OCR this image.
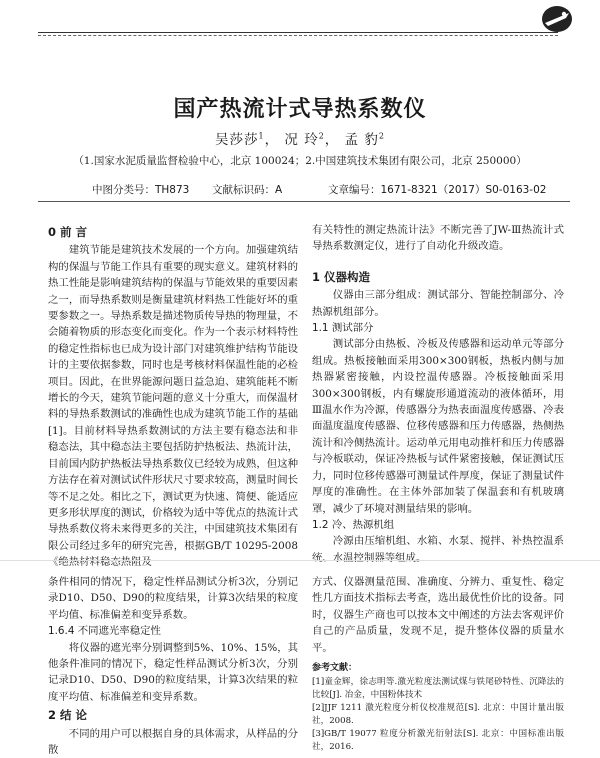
国产热流计式导热系数仪
吴莎莎$^1$， 况 玲$^2$， 孟 豹$^2$
（1.国家水泥质量监督检验中心，北京 100024；2.中国建筑技术集团有限公司，北京 250000）
中图分类号：TH873 文献标识码：A	文章编号：1671-8321（2017）S0-0163-02
0 前 言

建筑节能是建筑技术发展的一个方向。加强建筑结构的保温与节能工作具有重要的现实意义。建筑材料的热工性能是影响建筑结构的保温与节能效果的重要因素之一，而导热系数则是衡量建筑材料热工性能好坏的重要参数之一。导热系数是描述物质传导热的物理量，不会随着物质的形态变化而变化。作为一个表示材料特性的稳定性指标也已成为设计部门对建筑维护结构节能设计的主要依据参数，同时也是考核材料保温性能的必检项目。因此，在世界能源问题日益急迫、建筑能耗不断增长的今天，建筑节能问题的意义十分重大，而保温材料的导热系数测试的准确性也成为建筑节能工作的基础[1]。目前材料导热系数测试的方法主要有稳态法和非稳态法，其中稳态法主要包括防护热板法、热流计法，目前国内防护热板法导热系数仪已经较为成熟，但这种方法存在着对测试试件形状尺寸要求较高，测量时间长等不足之处。相比之下，测试更为快速、简便、能适应更多形状厚度的测试，价格较为适中等优点的热流计式导热系数仪将未来得更多的关注，中国建筑技术集团有限公司经过多年的研究完善，根据GB/T 10295-2008《绝热材料稳态热阻及

有关特性的测定热流计法》不断完善了JW-Ⅲ热流计式导热系数测定仪，进行了自动化升级改造。

1 仪器构造

仪器由三部分组成：测试部分、智能控制部分、冷热源机组部分。

1.1 测试部分

测试部分由热板、冷板及传感器和运动单元等部分组成。热板接触面采用300×300钢板，热板内侧与加热器紧密接触，内设控温传感器。冷板接触面采用300×300钢板，内有螺旋形通道流动的液体循环，用Ⅲ温水作为冷源，传感器分为热表面温度传感器、冷表面温度温度传感器、位移传感器和压力传感器，热侧热流计和冷侧热流计。运动单元用电动推杆和压力传感器与冷板联动，保证冷热板与试件紧密接触，保证测试压力，同时位移传感器可测量试件厚度，保证了测量试件厚度的准确性。在主体外部加装了保温套和有机玻璃罩，减少了环境对测量结果的影响。

1.2 冷、热源机组

冷源由压缩机组、水箱、水泵、搅拌、补热控温系统、水温控制器等组成。

条件相同的情况下，稳定性样品测试分析3次，分别记录D10、D50、D90的粒度结果，计算3次结果的粒度平均值、标准偏差和变异系数。

1.6.4 不同遮光率稳定性

将仪器的遮光率分别调整到5%、10%、15%，其他条件准同的情况下，稳定性样品测试分析3次，分别记录D10、D50、D90的粒度结果，计算3次结果的粒度平均值、标准偏差和变异系数。

2 结 论

不同的用户可以根据自身的具体需求，从样品的分散

方式、仪器测量范围、准确度、分辨力、重复性、稳定性几方面技术指标去考查，选出最优性价比的设备。同时，仪器生产商也可以按本文中阐述的方法去客观评价自己的产品质量，发现不足，提升整体仪器的质量水平。

参考文献：
[1]童金辉，徐志明等.激光粒度法测试煤与铁尾砂特性、沉降法的比较[J]. 冶金，中国粉体技术
[2]JJF 1211 激光粒度分析仪校准规范[S]. 北京：中国计量出版社，2008.
[3]GB/T 19077 粒度分析激光衍射法[S]. 北京：中国标准出版社，2016.
